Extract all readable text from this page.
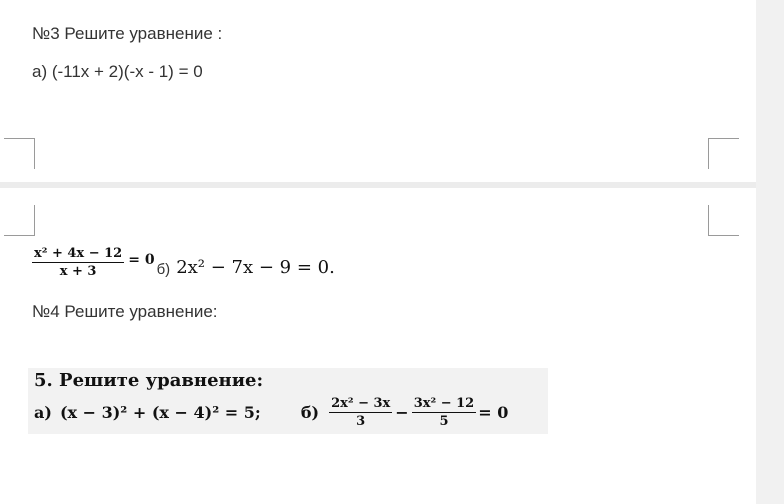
№3 Решите уравнение :
а) (-11x + 2)(-x - 1) = 0
$\frac{\text{x² + 4x − 12}}{x + 3} = 0$
б) 2x² − 7x − 9 = 0.
№4 Решите уравнение:
5. Решите уравнение:
а) (x − 3)² + (x − 4)² = 5;	$б) \frac{\text{2x² − 3x}}{3} - \frac{\text{3x² − 12}}{5} = 0$
